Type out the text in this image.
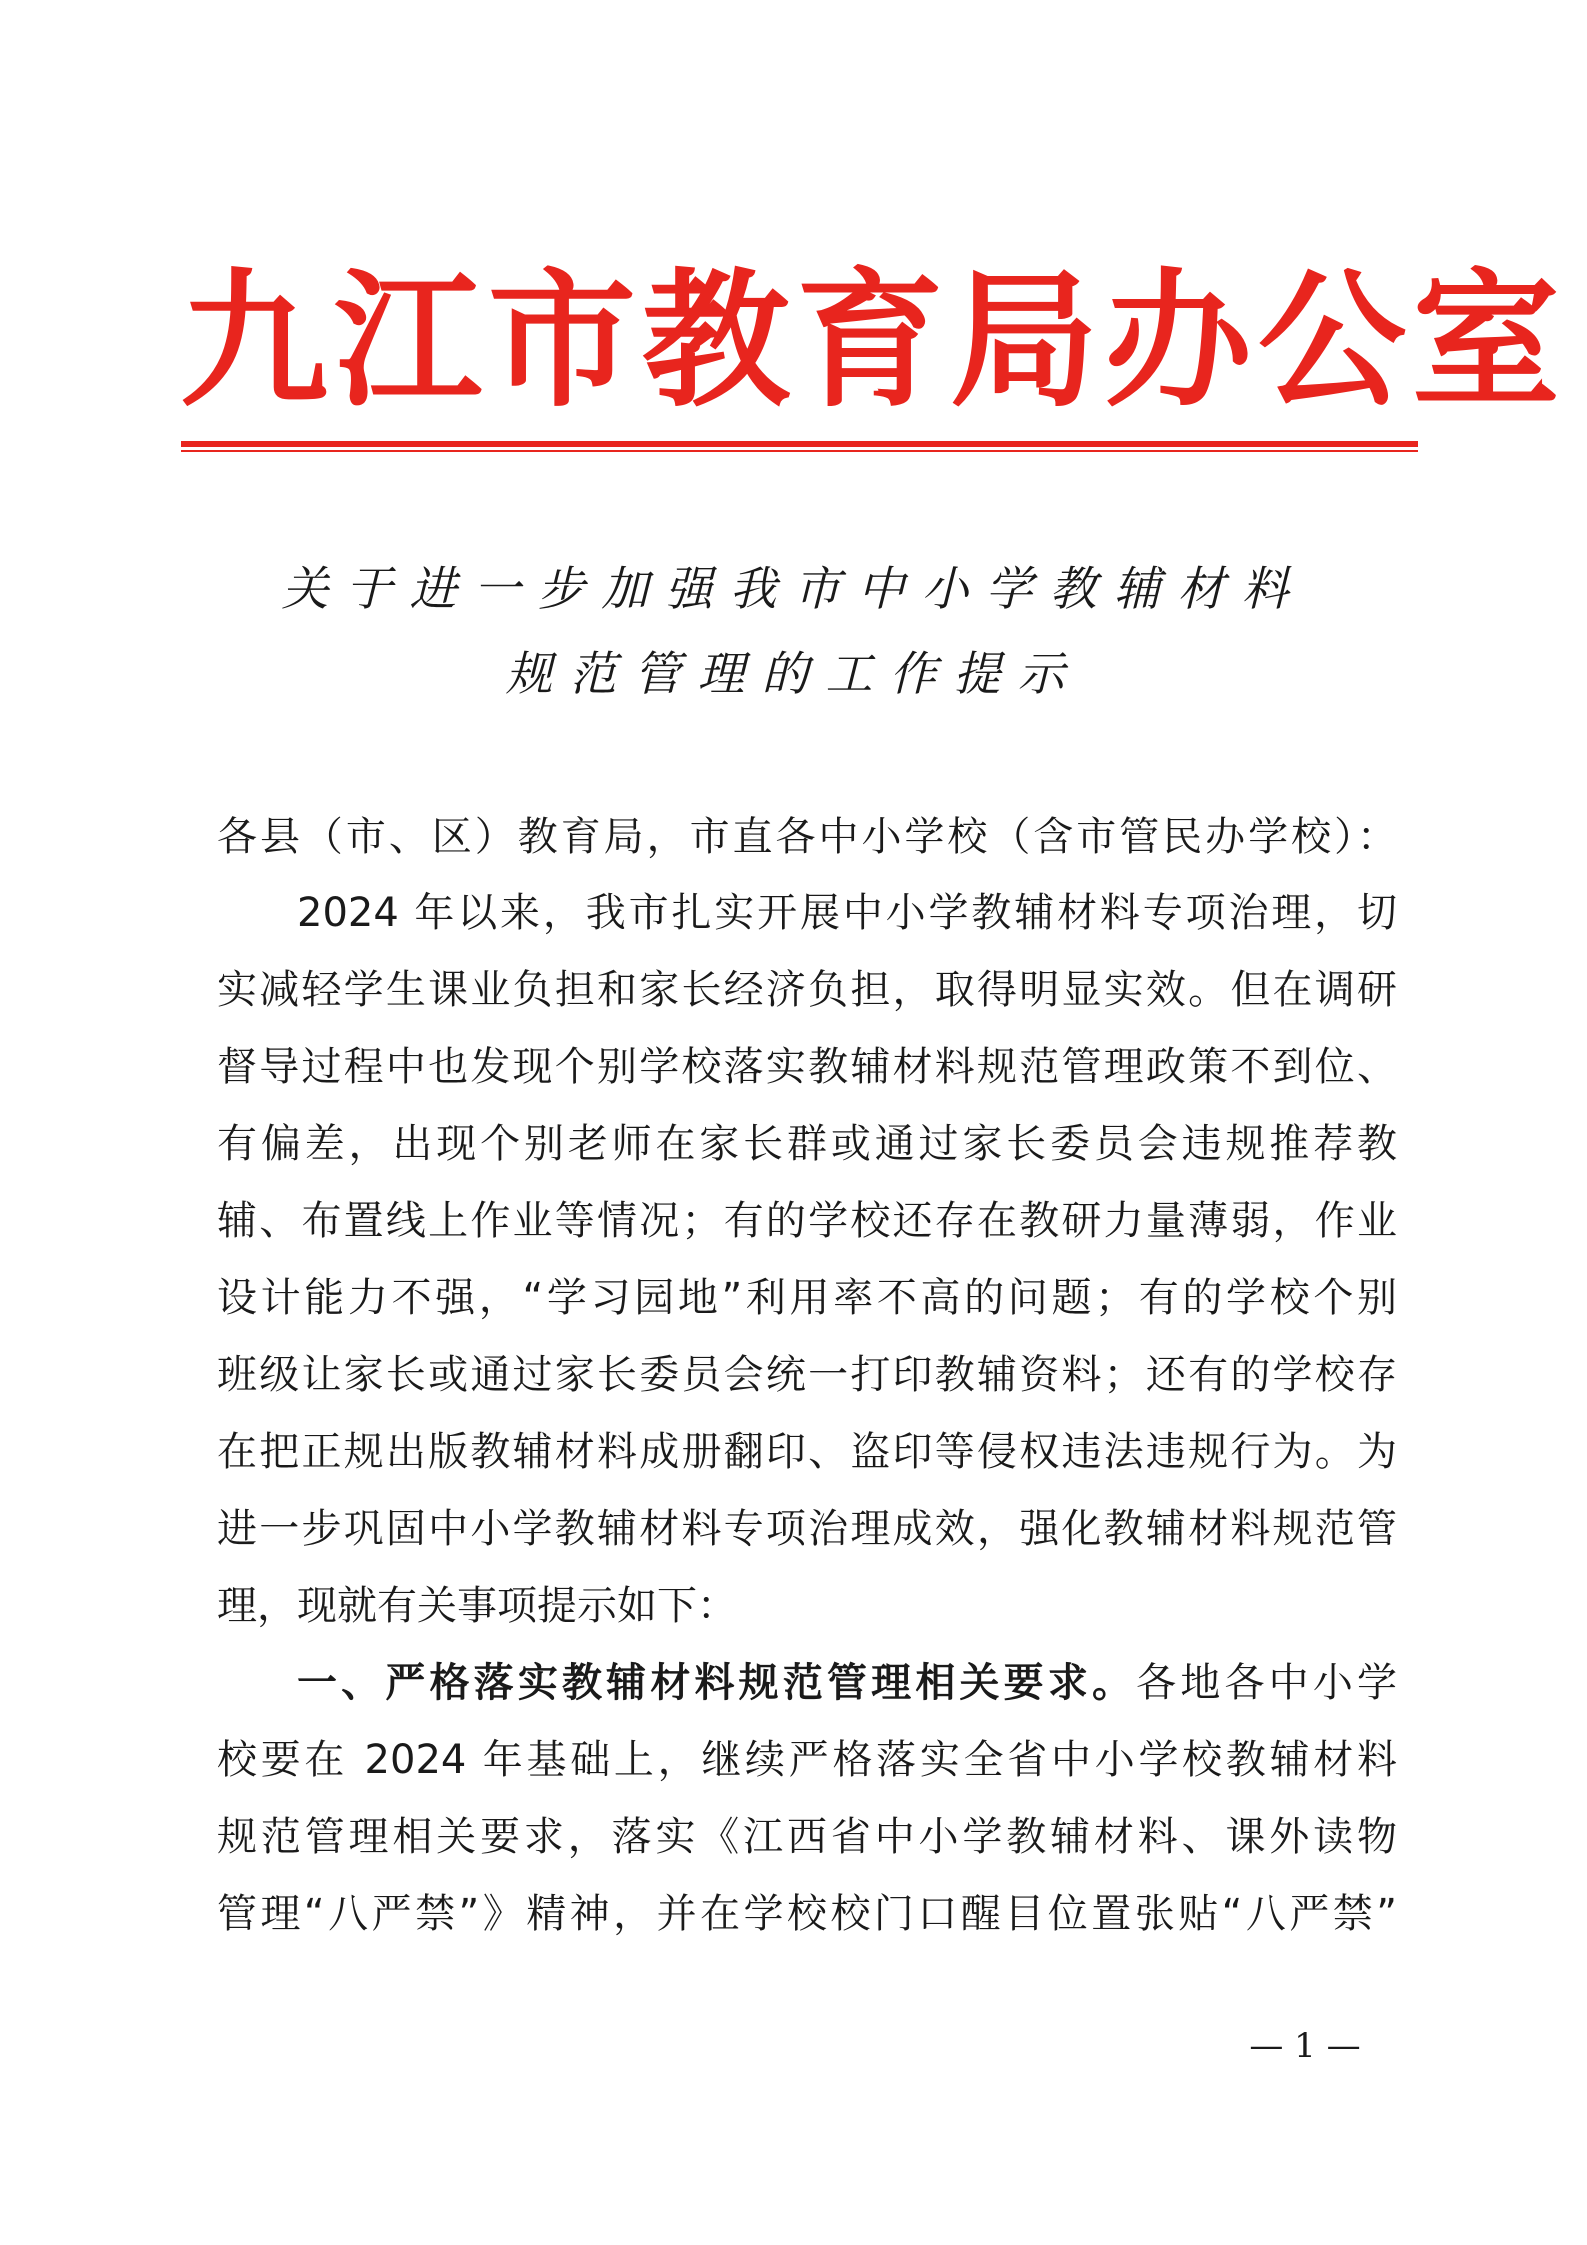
九江市教育局办公室
关于进一步加强我市中小学教辅材料
规范管理的工作提示
各县（市、区）教育局，市直各中小学校（含市管民办学校）：
2024 年以来，我市扎实开展中小学教辅材料专项治理，切
实减轻学生课业负担和家长经济负担，取得明显实效。但在调研
督导过程中也发现个别学校落实教辅材料规范管理政策不到位、
有偏差，出现个别老师在家长群或通过家长委员会违规推荐教
辅、布置线上作业等情况；有的学校还存在教研力量薄弱，作业
设计能力不强，“学习园地”利用率不高的问题；有的学校个别
班级让家长或通过家长委员会统一打印教辅资料；还有的学校存
在把正规出版教辅材料成册翻印、盗印等侵权违法违规行为。为
进一步巩固中小学教辅材料专项治理成效，强化教辅材料规范管
理，现就有关事项提示如下：
一、严格落实教辅材料规范管理相关要求。各地各中小学
校要在 2024 年基础上，继续严格落实全省中小学校教辅材料
规范管理相关要求，落实《江西省中小学教辅材料、课外读物
管理“八严禁”》精神，并在学校校门口醒目位置张贴“八严禁”
— 1 —
